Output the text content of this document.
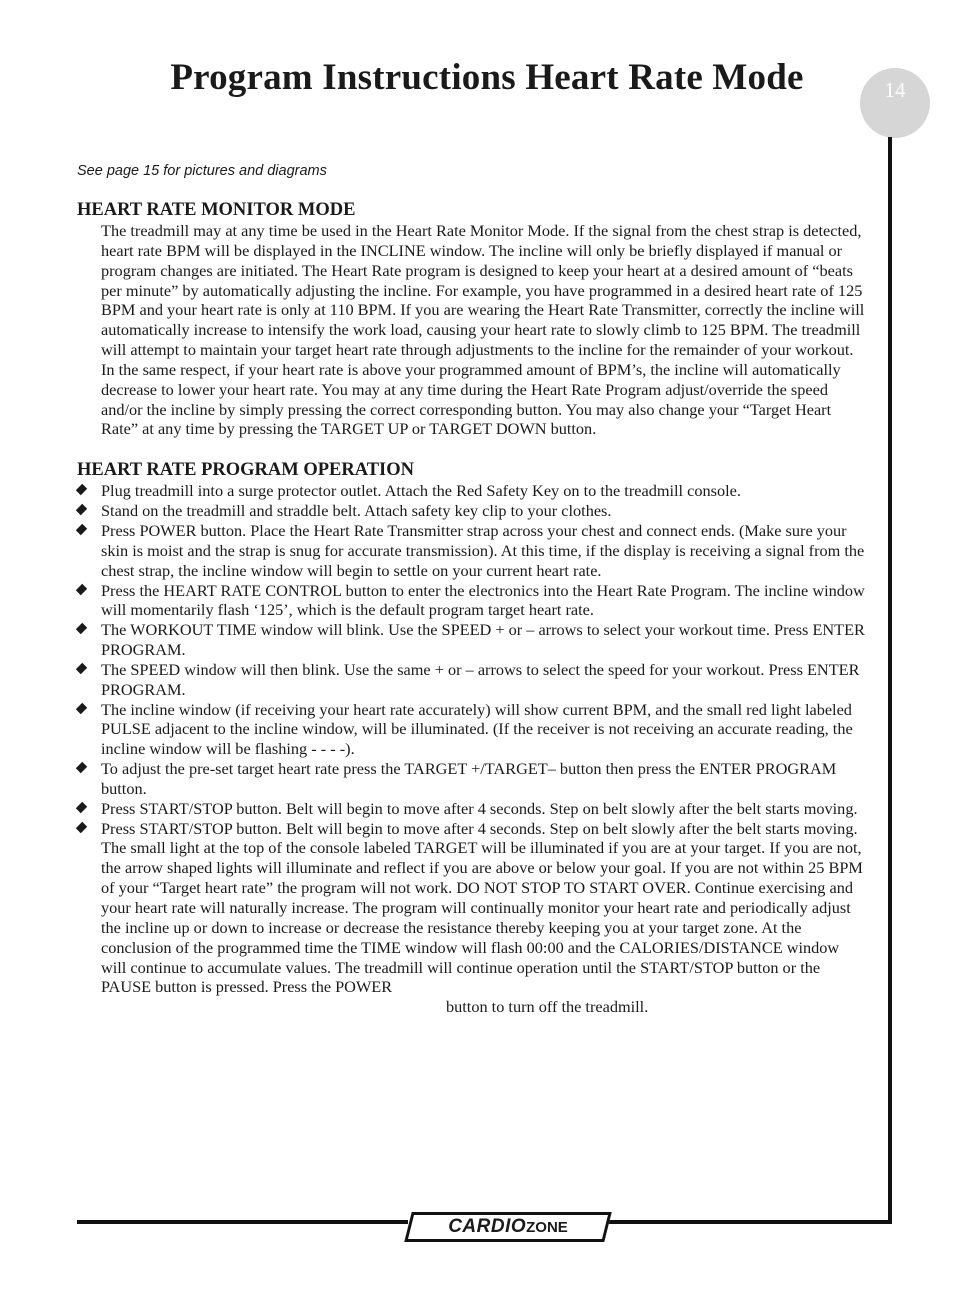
Program Instructions Heart Rate Mode	14

See page 15 for pictures and diagrams

HEART RATE MONITOR MODE

The treadmill may at any time be used in the Heart Rate Monitor Mode. If the signal from the chest strap is detected, heart rate BPM will be displayed in the INCLINE window. The incline will only be briefly displayed if manual or program changes are initiated. The Heart Rate program is designed to keep your heart at a desired amount of “beats per minute” by automatically adjusting the incline. For example, you have programmed in a desired heart rate of 125 BPM and your heart rate is only at 110 BPM. If you are wearing the Heart Rate Transmitter, correctly the incline will automatically increase to intensify the work load, causing your heart rate to slowly climb to 125 BPM. The treadmill will attempt to maintain your target heart rate through adjustments to the incline for the remainder of your workout. In the same respect, if your heart rate is above your programmed amount of BPM’s, the incline will automatically decrease to lower your heart rate. You may at any time during the Heart Rate Program adjust/override the speed and/or the incline by simply pressing the correct corresponding button. You may also change your “Target Heart Rate” at any time by pressing the TARGET UP or TARGET DOWN button.

HEART RATE PROGRAM OPERATION
Plug treadmill into a surge protector outlet. Attach the Red Safety Key on to the treadmill console.
Stand on the treadmill and straddle belt. Attach safety key clip to your clothes.
Press POWER button. Place the Heart Rate Transmitter strap across your chest and connect ends. (Make sure your skin is moist and the strap is snug for accurate transmission). At this time, if the display is receiving a signal from the chest strap, the incline window will begin to settle on your current heart rate.
Press the HEART RATE CONTROL button to enter the electronics into the Heart Rate Program. The incline window will momentarily flash ‘125’, which is the default program target heart rate.
The WORKOUT TIME window will blink. Use the SPEED + or – arrows to select your workout time. Press ENTER PROGRAM.
The SPEED window will then blink. Use the same + or – arrows to select the speed for your workout. Press ENTER PROGRAM.
The incline window (if receiving your heart rate accurately) will show current BPM, and the small red light labeled PULSE adjacent to the incline window, will be illuminated. (If the receiver is not receiving an accurate reading, the incline window will be flashing - - - -).
To adjust the pre-set target heart rate press the TARGET +/TARGET– button then press the ENTER PROGRAM button.
Press START/STOP button. Belt will begin to move after 4 seconds. Step on belt slowly after the belt starts moving.
Press START/STOP button. Belt will begin to move after 4 seconds. Step on belt slowly after the belt starts moving.

The small light at the top of the console labeled TARGET will be illuminated if you are at your target. If you are not, the arrow shaped lights will illuminate and reflect if you are above or below your goal. If you are not within 25 BPM of your “Target heart rate” the program will not work. DO NOT STOP TO START OVER. Continue exercising and your heart rate will naturally increase. The program will continually monitor your heart rate and periodically adjust the incline up or down to increase or decrease the resistance thereby keeping you at your target zone. At the conclusion of the programmed time the TIME window will flash 00:00 and the CALORIES/DISTANCE window will continue to accumulate values. The treadmill will continue operation until the START/STOP button or the PAUSE button is pressed. Press the POWER

button to turn off the treadmill.

CARDIOZONE
